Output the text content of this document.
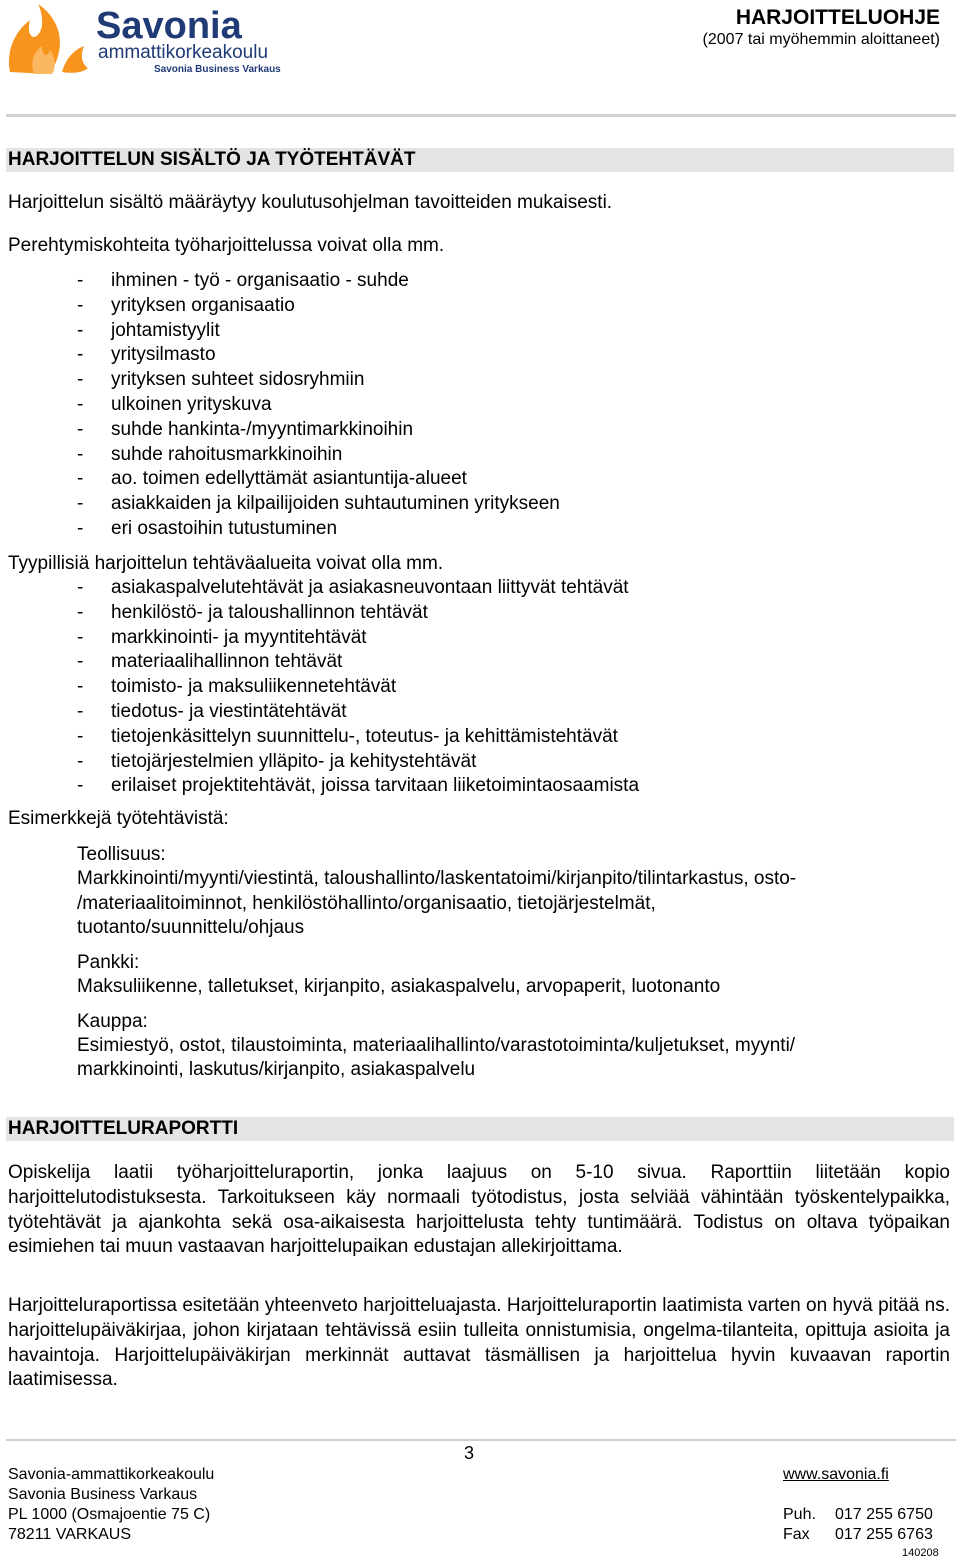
Savonia
ammattikorkeakoulu
Savonia Business Varkaus
HARJOITTELUOHJE
(2007 tai myöhemmin aloittaneet)
HARJOITTELUN SISÄLTÖ JA TYÖTEHTÄVÄT
Harjoittelun sisältö määräytyy koulutusohjelman tavoitteiden mukaisesti.
Perehtymiskohteita työharjoittelussa voivat olla mm.
- ihminen - työ - organisaatio - suhde
- yrityksen organisaatio
- johtamistyylit
- yritysilmasto
- yrityksen suhteet sidosryhmiin
- ulkoinen yrityskuva
- suhde hankinta-/myyntimarkkinoihin
- suhde rahoitusmarkkinoihin
- ao. toimen edellyttämät asiantuntija-alueet
- asiakkaiden ja kilpailijoiden suhtautuminen yritykseen
- eri osastoihin tutustuminen
Tyypillisiä harjoittelun tehtäväalueita voivat olla mm.
- asiakaspalvelutehtävät ja asiakasneuvontaan liittyvät tehtävät
- henkilöstö- ja taloushallinnon tehtävät
- markkinointi- ja myyntitehtävät
- materiaalihallinnon tehtävät
- toimisto- ja maksuliikennetehtävät
- tiedotus- ja viestintätehtävät
- tietojenkäsittelyn suunnittelu-, toteutus- ja kehittämistehtävät
- tietojärjestelmien ylläpito- ja kehitystehtävät
- erilaiset projektitehtävät, joissa tarvitaan liiketoimintaosaamista
Esimerkkejä työtehtävistä:
Teollisuus:
Markkinointi/myynti/viestintä, taloushallinto/laskentatoimi/kirjanpito/tilintarkastus, osto-
/materiaalitoiminnot, henkilöstöhallinto/organisaatio, tietojärjestelmät,
tuotanto/suunnittelu/ohjaus
Pankki:
Maksuliikenne, talletukset, kirjanpito, asiakaspalvelu, arvopaperit, luotonanto
Kauppa:
Esimiestyö, ostot, tilaustoiminta, materiaalihallinto/varastotoiminta/kuljetukset, myynti/
markkinointi, laskutus/kirjanpito, asiakaspalvelu
HARJOITTELURAPORTTI
Opiskelija laatii työharjoitteluraportin, jonka laajuus on 5-10 sivua. Raporttiin liitetään kopio harjoittelutodistuksesta. Tarkoitukseen käy normaali työtodistus, josta selviää vähintään työskentelypaikka, työtehtävät ja ajankohta sekä osa-aikaisesta harjoittelusta tehty tuntimäärä. Todistus on oltava työpaikan esimiehen tai muun vastaavan harjoittelupaikan edustajan allekirjoittama.
Harjoitteluraportissa esitetään yhteenveto harjoitteluajasta. Harjoitteluraportin laatimista varten on hyvä pitää ns. harjoittelupäiväkirjaa, johon kirjataan tehtävissä esiin tulleita onnistumisia, ongelma-tilanteita, opittuja asioita ja havaintoja. Harjoittelupäiväkirjan merkinnät auttavat täsmällisen ja harjoittelua hyvin kuvaavan raportin laatimisessa.
3
Savonia-ammattikorkeakoulu
Savonia Business Varkaus
PL 1000 (Osmajoentie 75 C)
78211 VARKAUS
www.savonia.fi
Puh. 017 255 6750
Fax 017 255 6763
140208
